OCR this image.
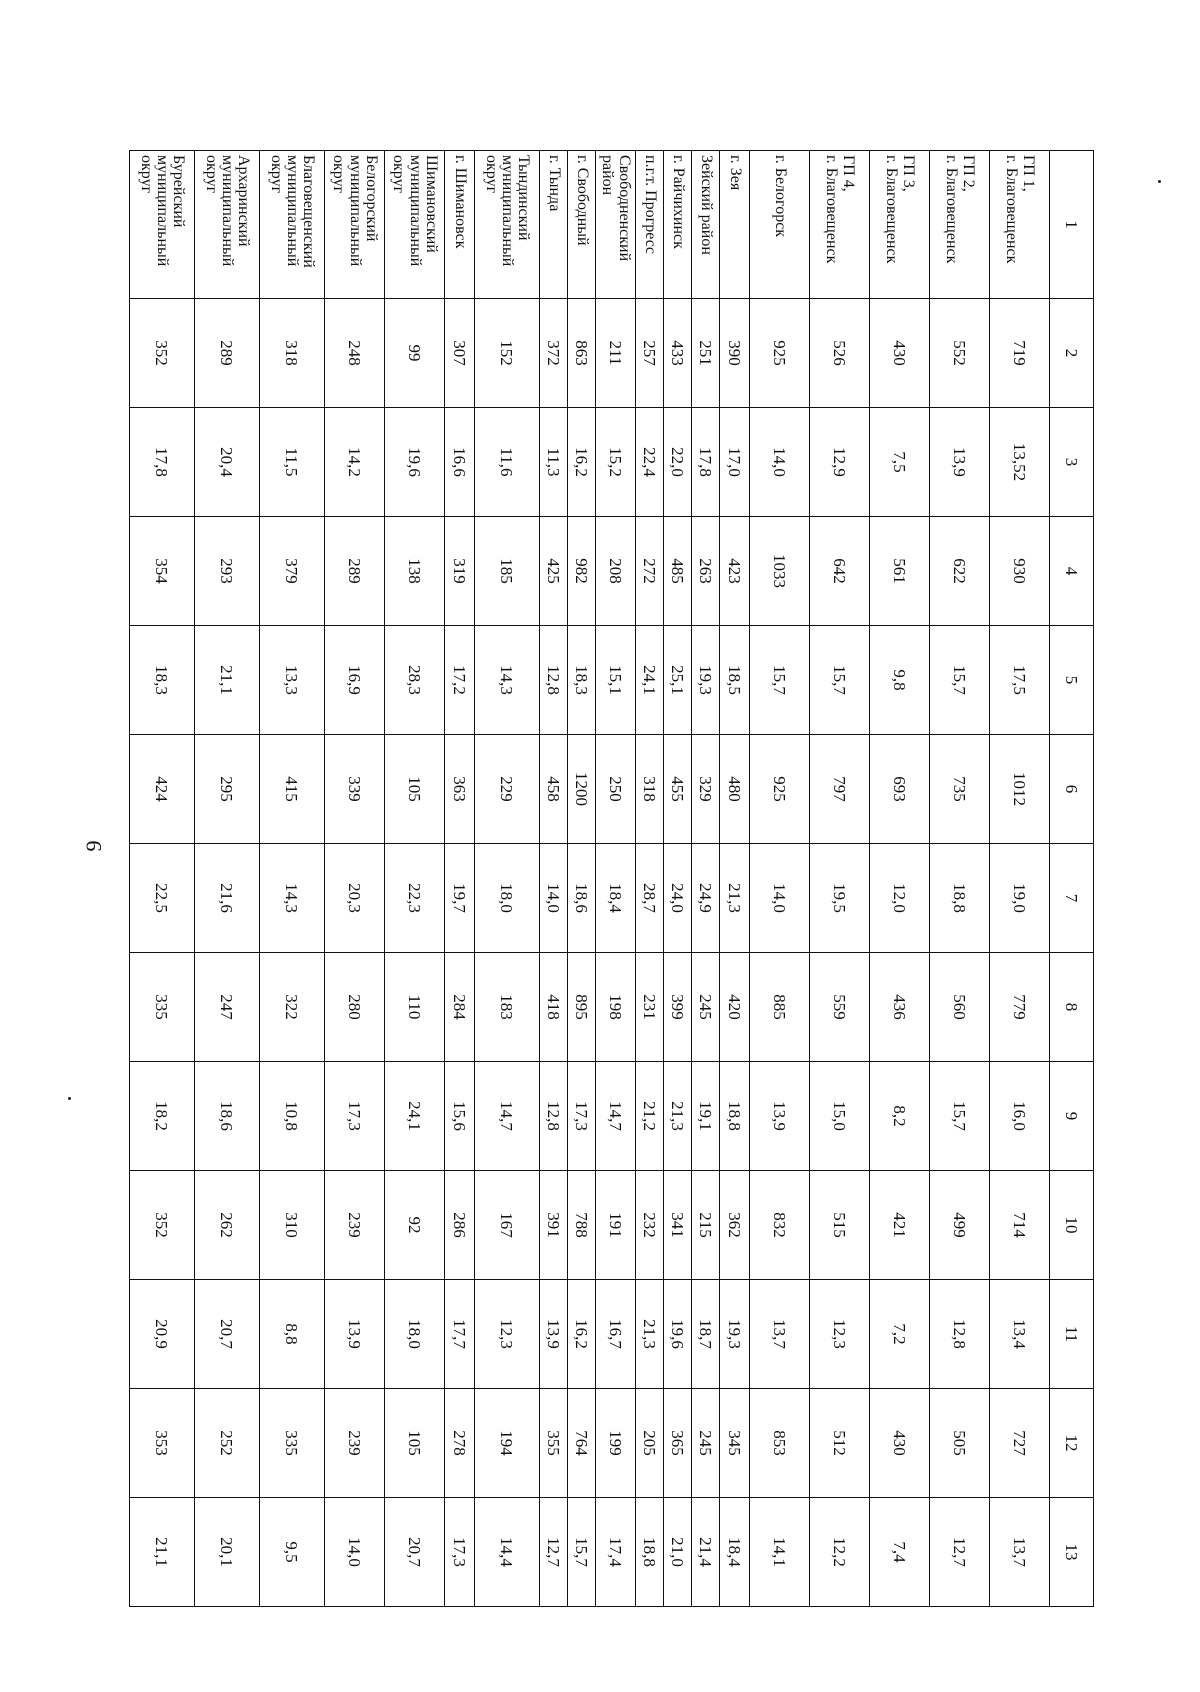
9
1	2	3	4	5	6	7	8	9	10	11	12	13

ГП 1,
г. Благовещенск	719	13,52	930	17,5	1012	19,0	779	16,0	714	13,4	727	13,7

ГП 2,
г. Благовещенск	552	13,9	622	15,7	735	18,8	560	15,7	499	12,8	505	12,7

ГП 3,
г. Благовещенск	430	7,5	561	9,8	693	12,0	436	8,2	421	7,2	430	7,4

ГП 4,
г. Благовещенск	526	12,9	642	15,7	797	19,5	559	15,0	515	12,3	512	12,2

г. Белогорск	925	14,0	1033	15,7	925	14,0	885	13,9	832	13,7	853	14,1

г. Зея	390	17,0	423	18,5	480	21,3	420	18,8	362	19,3	345	18,4

Зейский район	251	17,8	263	19,3	329	24,9	245	19,1	215	18,7	245	21,4

г. Райчихинск	433	22,0	485	25,1	455	24,0	399	21,3	341	19,6	365	21,0

п.г.т. Прогресс	257	22,4	272	24,1	318	28,7	231	21,2	232	21,3	205	18,8

Свободненский
район	211	15,2	208	15,1	250	18,4	198	14,7	191	16,7	199	17,4

г. Свободный	863	16,2	982	18,3	1200	18,6	895	17,3	788	16,2	764	15,7

г. Тында	372	11,3	425	12,8	458	14,0	418	12,8	391	13,9	355	12,7

Тындинский
муниципальный
округ	152	11,6	185	14,3	229	18,0	183	14,7	167	12,3	194	14,4

г. Шимановск	307	16,6	319	17,2	363	19,7	284	15,6	286	17,7	278	17,3

Шимановский
муниципальный
округ	99	19,6	138	28,3	105	22,3	110	24,1	92	18,0	105	20,7

Белогорский
муниципальный
округ	248	14,2	289	16,9	339	20,3	280	17,3	239	13,9	239	14,0

Благовещенский
муниципальный
округ	318	11,5	379	13,3	415	14,3	322	10,8	310	8,8	335	9,5

Архаринский
муниципальный
округ	289	20,4	293	21,1	295	21,6	247	18,6	262	20,7	252	20,1

Бурейский
муниципальный
округ	352	17,8	354	18,3	424	22,5	335	18,2	352	20,9	353	21,1
